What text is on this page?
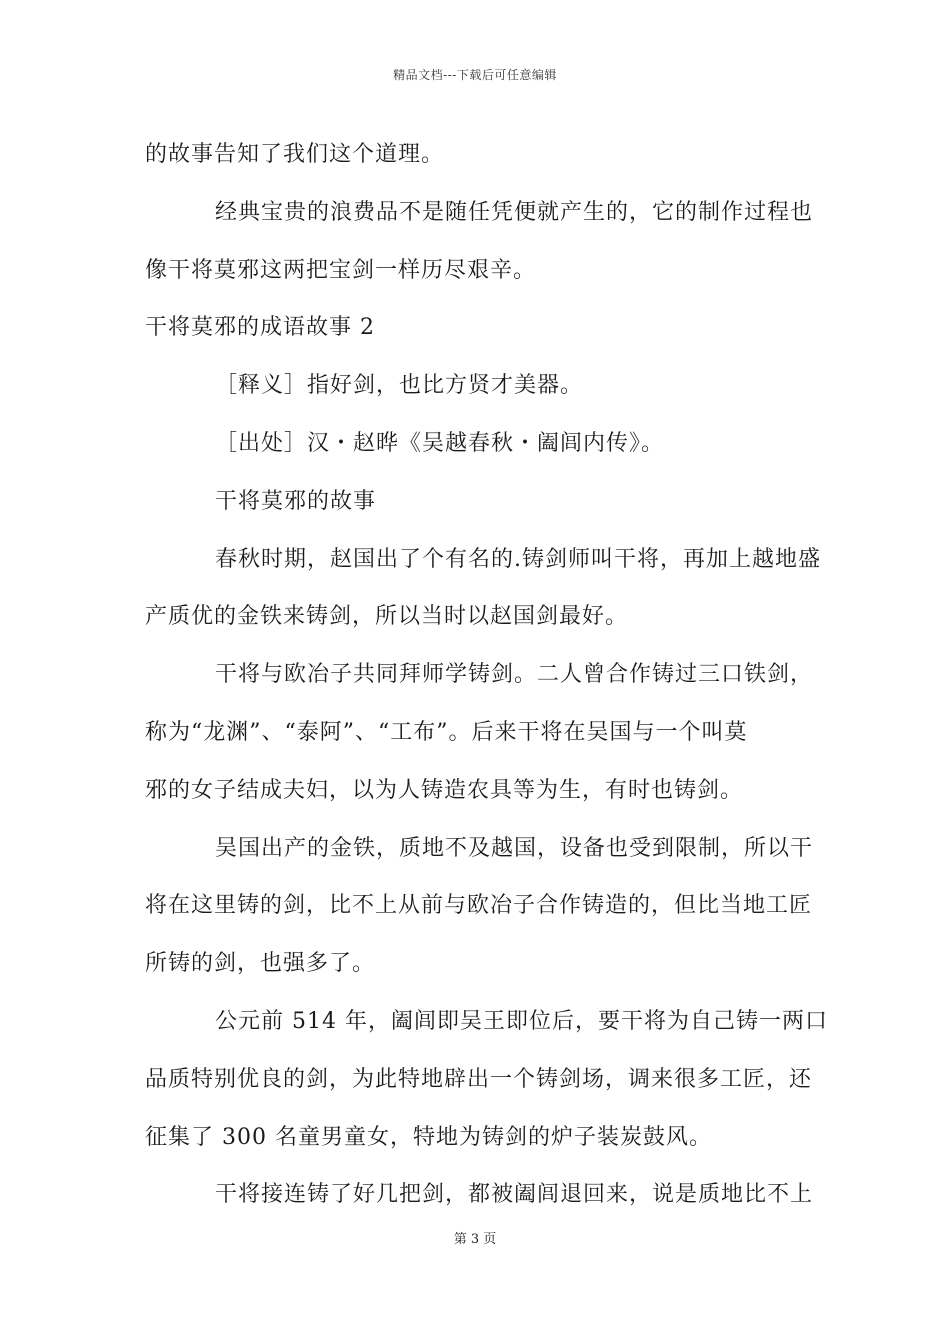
精品文档---下载后可任意编辑
的故事告知了我们这个道理。
经典宝贵的浪费品不是随任凭便就产生的，它的制作过程也
像干将莫邪这两把宝剑一样历尽艰辛。
干将莫邪的成语故事 2
［释义］指好剑，也比方贤才美器。
［出处］汉・赵晔《吴越春秋・阖闾内传》。
干将莫邪的故事
春秋时期，赵国出了个有名的.铸剑师叫干将，再加上越地盛
产质优的金铁来铸剑，所以当时以赵国剑最好。
干将与欧冶子共同拜师学铸剑。二人曾合作铸过三口铁剑，
称为“龙渊”、“泰阿”、“工布”。后来干将在吴国与一个叫莫
邪的女子结成夫妇，以为人铸造农具等为生，有时也铸剑。
吴国出产的金铁，质地不及越国，设备也受到限制，所以干
将在这里铸的剑，比不上从前与欧冶子合作铸造的，但比当地工匠
所铸的剑，也强多了。
公元前 514 年，阖闾即吴王即位后，要干将为自己铸一两口
品质特别优良的剑，为此特地辟出一个铸剑场，调来很多工匠，还
征集了 300 名童男童女，特地为铸剑的炉子装炭鼓风。
干将接连铸了好几把剑，都被阖闾退回来，说是质地比不上
第 3 页
